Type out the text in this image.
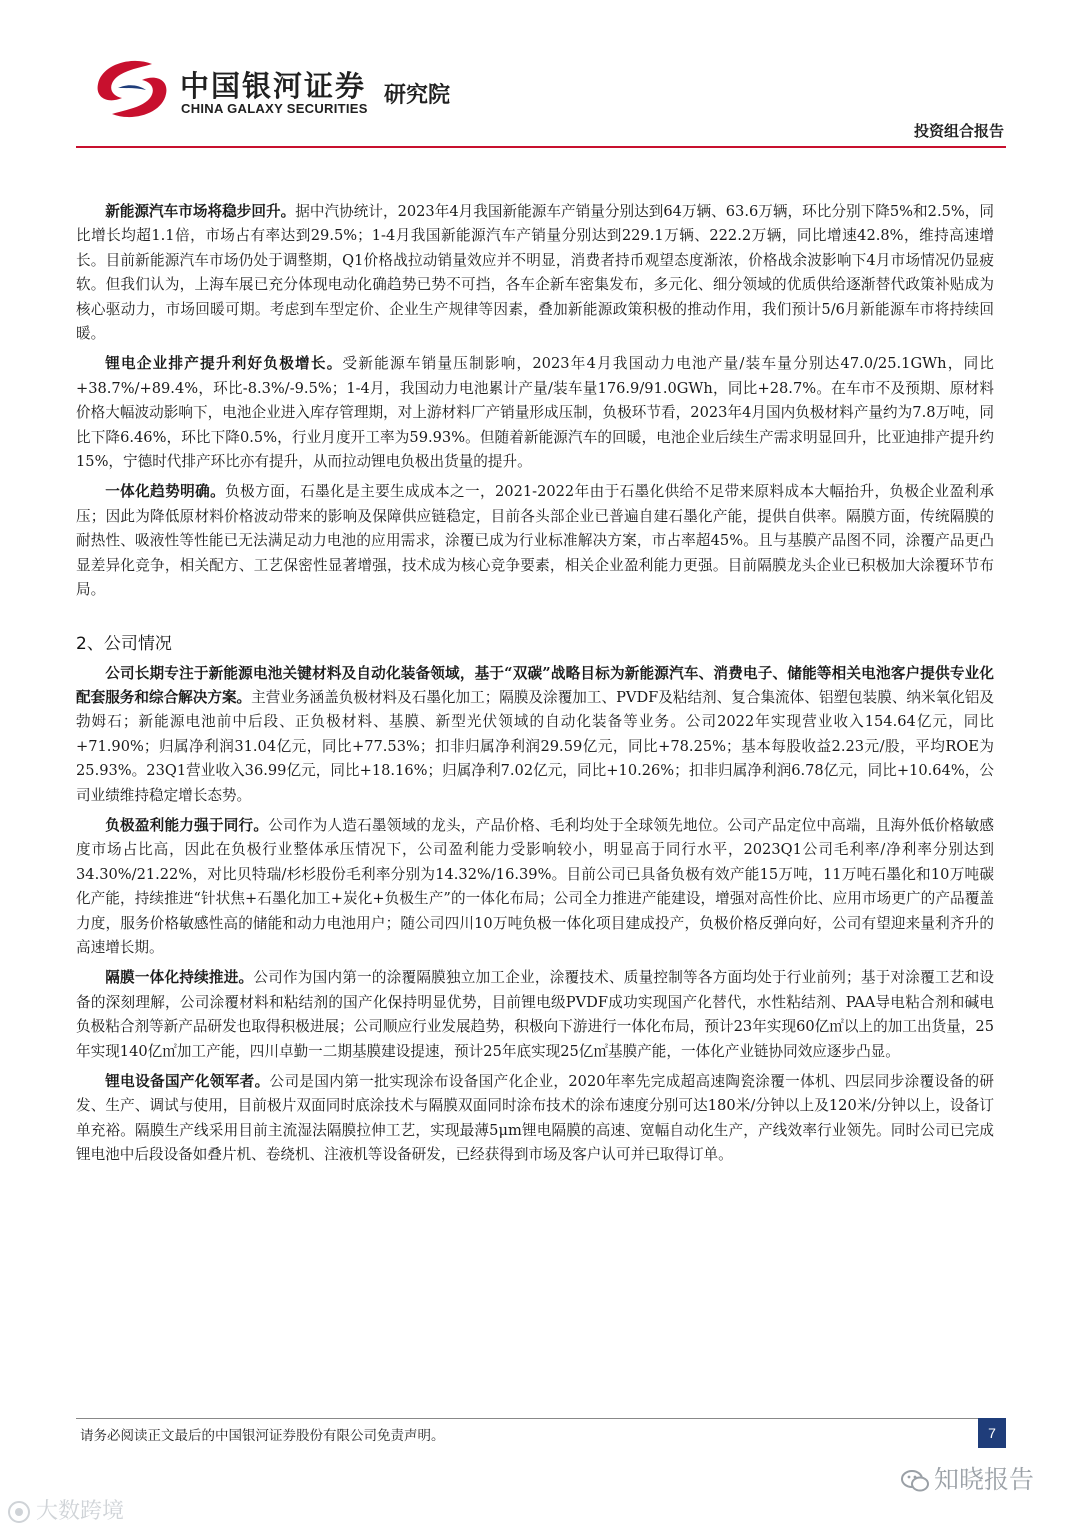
中国银河证券
CHINA GALAXY SECURITIES
研究院
投资组合报告

新能源汽车市场将稳步回升。据中汽协统计，2023年4月我国新能源车产销量分别达到64万辆、63.6万辆，环比分别下降5%和2.5%，同比增长均超1.1倍，市场占有率达到29.5%；1-4月我国新能源汽车产销量分别达到229.1万辆、222.2万辆，同比增速42.8%，维持高速增长。目前新能源汽车市场仍处于调整期，Q1价格战拉动销量效应并不明显，消费者持币观望态度渐浓，价格战余波影响下4月市场情况仍显疲软。但我们认为，上海车展已充分体现电动化确趋势已势不可挡，各车企新车密集发布，多元化、细分领域的优质供给逐渐替代政策补贴成为核心驱动力，市场回暖可期。考虑到车型定价、企业生产规律等因素，叠加新能源政策积极的推动作用，我们预计5/6月新能源车市将持续回暖。

锂电企业排产提升利好负极增长。受新能源车销量压制影响，2023年4月我国动力电池产量/装车量分别达47.0/25.1GWh，同比+38.7%/+89.4%，环比-8.3%/-9.5%；1-4月，我国动力电池累计产量/装车量176.9/91.0GWh，同比+28.7%。在车市不及预期、原材料价格大幅波动影响下，电池企业进入库存管理期，对上游材料厂产销量形成压制，负极环节看，2023年4月国内负极材料产量约为7.8万吨，同比下降6.46%，环比下降0.5%，行业月度开工率为59.93%。但随着新能源汽车的回暖，电池企业后续生产需求明显回升，比亚迪排产提升约15%，宁德时代排产环比亦有提升，从而拉动锂电负极出货量的提升。

一体化趋势明确。负极方面，石墨化是主要生成成本之一，2021-2022年由于石墨化供给不足带来原料成本大幅抬升，负极企业盈利承压；因此为降低原材料价格波动带来的影响及保障供应链稳定，目前各头部企业已普遍自建石墨化产能，提供自供率。隔膜方面，传统隔膜的耐热性、吸液性等性能已无法满足动力电池的应用需求，涂覆已成为行业标准解决方案，市占率超45%。且与基膜产品图不同，涂覆产品更凸显差异化竞争，相关配方、工艺保密性显著增强，技术成为核心竞争要素，相关企业盈利能力更强。目前隔膜龙头企业已积极加大涂覆环节布局。

2、公司情况

公司长期专注于新能源电池关键材料及自动化装备领域，基于“双碳”战略目标为新能源汽车、消费电子、储能等相关电池客户提供专业化配套服务和综合解决方案。主营业务涵盖负极材料及石墨化加工；隔膜及涂覆加工、PVDF及粘结剂、复合集流体、铝塑包装膜、纳米氧化铝及勃姆石；新能源电池前中后段、正负极材料、基膜、新型光伏领域的自动化装备等业务。公司2022年实现营业收入154.64亿元，同比+71.90%；归属净利润31.04亿元，同比+77.53%；扣非归属净利润29.59亿元，同比+78.25%；基本每股收益2.23元/股，平均ROE为25.93%。23Q1营业收入36.99亿元，同比+18.16%；归属净利7.02亿元，同比+10.26%；扣非归属净利润6.78亿元，同比+10.64%，公司业绩维持稳定增长态势。

负极盈利能力强于同行。公司作为人造石墨领域的龙头，产品价格、毛利均处于全球领先地位。公司产品定位中高端，且海外低价格敏感度市场占比高，因此在负极行业整体承压情况下，公司盈利能力受影响较小，明显高于同行水平，2023Q1公司毛利率/净利率分别达到34.30%/21.22%，对比贝特瑞/杉杉股份毛利率分别为14.32%/16.39%。目前公司已具备负极有效产能15万吨，11万吨石墨化和10万吨碳化产能，持续推进“针状焦+石墨化加工+炭化+负极生产”的一体化布局；公司全力推进产能建设，增强对高性价比、应用市场更广的产品覆盖力度，服务价格敏感性高的储能和动力电池用户；随公司四川10万吨负极一体化项目建成投产，负极价格反弹向好，公司有望迎来量利齐升的高速增长期。

隔膜一体化持续推进。公司作为国内第一的涂覆隔膜独立加工企业，涂覆技术、质量控制等各方面均处于行业前列；基于对涂覆工艺和设备的深刻理解，公司涂覆材料和粘结剂的国产化保持明显优势，目前锂电级PVDF成功实现国产化替代，水性粘结剂、PAA导电粘合剂和碱电负极粘合剂等新产品研发也取得积极进展；公司顺应行业发展趋势，积极向下游进行一体化布局，预计23年实现60亿㎡以上的加工出货量，25年实现140亿㎡加工产能，四川卓勤一二期基膜建设提速，预计25年底实现25亿㎡基膜产能，一体化产业链协同效应逐步凸显。

锂电设备国产化领军者。公司是国内第一批实现涂布设备国产化企业，2020年率先完成超高速陶瓷涂覆一体机、四层同步涂覆设备的研发、生产、调试与使用，目前极片双面同时底涂技术与隔膜双面同时涂布技术的涂布速度分别可达180米/分钟以上及120米/分钟以上，设备订单充裕。隔膜生产线采用目前主流湿法隔膜拉伸工艺，实现最薄5μm锂电隔膜的高速、宽幅自动化生产，产线效率行业领先。同时公司已完成锂电池中后段设备如叠片机、卷绕机、注液机等设备研发，已经获得到市场及客户认可并已取得订单。

请务必阅读正文最后的中国银河证券股份有限公司免责声明。	7
知晓报告
大数跨境
